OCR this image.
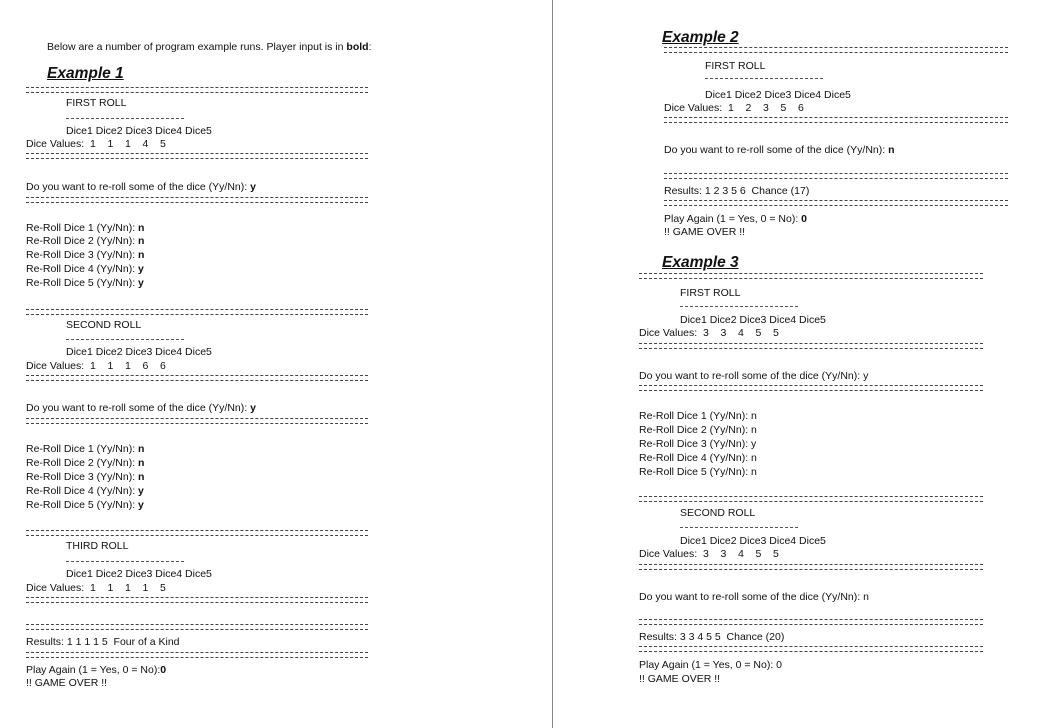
Below are a number of program example runs. Player input is in bold:
Example 1
FIRST ROLL
Dice1 Dice2 Dice3 Dice4 Dice5
Dice Values:  1    1    1    4    5
Do you want to re-roll some of the dice (Yy/Nn): y
Re-Roll Dice 1 (Yy/Nn): n
Re-Roll Dice 2 (Yy/Nn): n
Re-Roll Dice 3 (Yy/Nn): n
Re-Roll Dice 4 (Yy/Nn): y
Re-Roll Dice 5 (Yy/Nn): y
SECOND ROLL
Dice1 Dice2 Dice3 Dice4 Dice5
Dice Values:  1    1    1    6    6
Do you want to re-roll some of the dice (Yy/Nn): y
Re-Roll Dice 1 (Yy/Nn): n
Re-Roll Dice 2 (Yy/Nn): n
Re-Roll Dice 3 (Yy/Nn): n
Re-Roll Dice 4 (Yy/Nn): y
Re-Roll Dice 5 (Yy/Nn): y
THIRD ROLL
Dice1 Dice2 Dice3 Dice4 Dice5
Dice Values:  1    1    1    1    5
Results: 1 1 1 1 5  Four of a Kind
Play Again (1 = Yes, 0 = No):0
!! GAME OVER !!
Example 2
FIRST ROLL
Dice1 Dice2 Dice3 Dice4 Dice5
Dice Values:  1    2    3    5    6
Do you want to re-roll some of the dice (Yy/Nn): n
Results: 1 2 3 5 6  Chance (17)
Play Again (1 = Yes, 0 = No): 0
!! GAME OVER !!
Example 3
FIRST ROLL
Dice1 Dice2 Dice3 Dice4 Dice5
Dice Values:  3    3    4    5    5
Do you want to re-roll some of the dice (Yy/Nn): y
Re-Roll Dice 1 (Yy/Nn): n
Re-Roll Dice 2 (Yy/Nn): n
Re-Roll Dice 3 (Yy/Nn): y
Re-Roll Dice 4 (Yy/Nn): n
Re-Roll Dice 5 (Yy/Nn): n
SECOND ROLL
Dice1 Dice2 Dice3 Dice4 Dice5
Dice Values:  3    3    4    5    5
Do you want to re-roll some of the dice (Yy/Nn): n
Results: 3 3 4 5 5  Chance (20)
Play Again (1 = Yes, 0 = No): 0
!! GAME OVER !!
